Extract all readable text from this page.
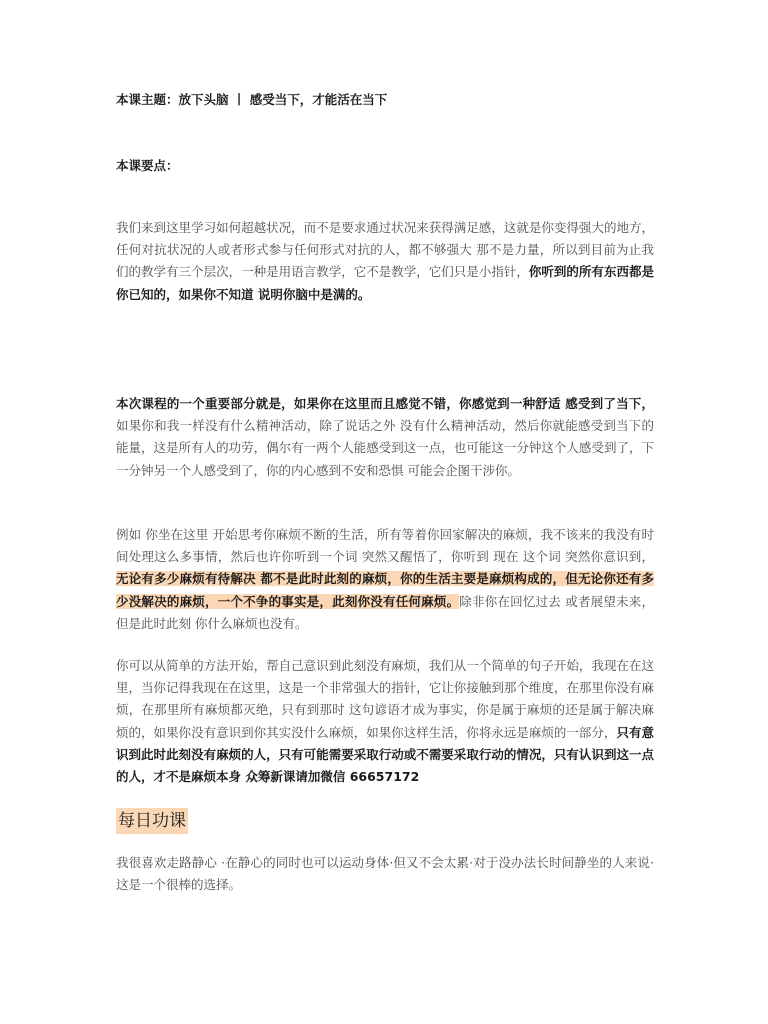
本课主题：放下头脑 丨 感受当下，才能活在当下
本课要点：
我们来到这里学习如何超越状况，而不是要求通过状况来获得满足感，这就是你变得强大的地方，任何对抗状况的人或者形式参与任何形式对抗的人，都不够强大 那不是力量，所以到目前为止我们的教学有三个层次，一种是用语言教学，它不是教学，它们只是小指针，你听到的所有东西都是你已知的，如果你不知道 说明你脑中是满的。
本次课程的一个重要部分就是，如果你在这里而且感觉不错，你感觉到一种舒适 感受到了当下，如果你和我一样没有什么精神活动，除了说话之外 没有什么精神活动，然后你就能感受到当下的能量，这是所有人的功劳，偶尔有一两个人能感受到这一点，也可能这一分钟这个人感受到了，下一分钟另一个人感受到了，你的内心感到不安和恐惧 可能会企图干涉你。
例如 你坐在这里 开始思考你麻烦不断的生活，所有等着你回家解决的麻烦，我不该来的我没有时间处理这么多事情，然后也许你听到一个词 突然又醒悟了，你听到 现在 这个词 突然你意识到，无论有多少麻烦有待解决 都不是此时此刻的麻烦，你的生活主要是麻烦构成的，但无论你还有多少没解决的麻烦，一个不争的事实是，此刻你没有任何麻烦。除非你在回忆过去 或者展望未来，但是此时此刻 你什么麻烦也没有。
你可以从简单的方法开始，帮自己意识到此刻没有麻烦，我们从一个简单的句子开始，我现在在这里，当你记得我现在在这里，这是一个非常强大的指针，它让你接触到那个维度，在那里你没有麻烦，在那里所有麻烦都灭绝，只有到那时 这句谚语才成为事实，你是属于麻烦的还是属于解决麻烦的，如果你没有意识到你其实没什么麻烦，如果你这样生活，你将永远是麻烦的一部分，只有意识到此时此刻没有麻烦的人，只有可能需要采取行动或不需要采取行动的情况，只有认识到这一点的人，才不是麻烦本身 众筹新课请加微信 66657172
每日功课
我很喜欢走路静心 ·在静心的同时也可以运动身体·但又不会太累·对于没办法长时间静坐的人来说·这是一个很棒的选择。
